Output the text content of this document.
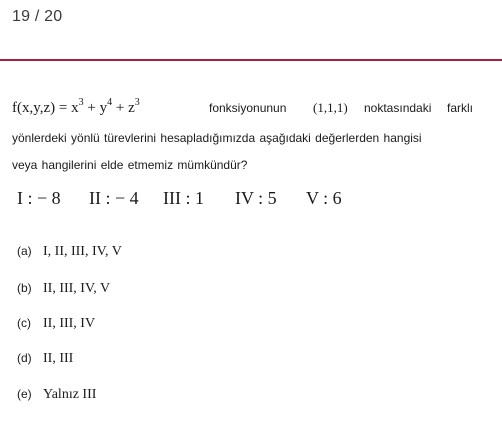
19 / 20
$f(x,y,z) = x^3 + y^4 + z^3$	fonksiyonunun (1,1,1) noktasındaki farklı
yönlerdeki yönlü türevlerini hesapladığımızda aşağıdaki değerlerden hangisi
veya hangilerini elde etmemiz mümkündür?
I : − 8 II : − 4 III : 1 IV : 5 V : 6
(a) I, II, III, IV, V
(b) II, III, IV, V
(c) II, III, IV
(d) II, III
(e) Yalnız III
